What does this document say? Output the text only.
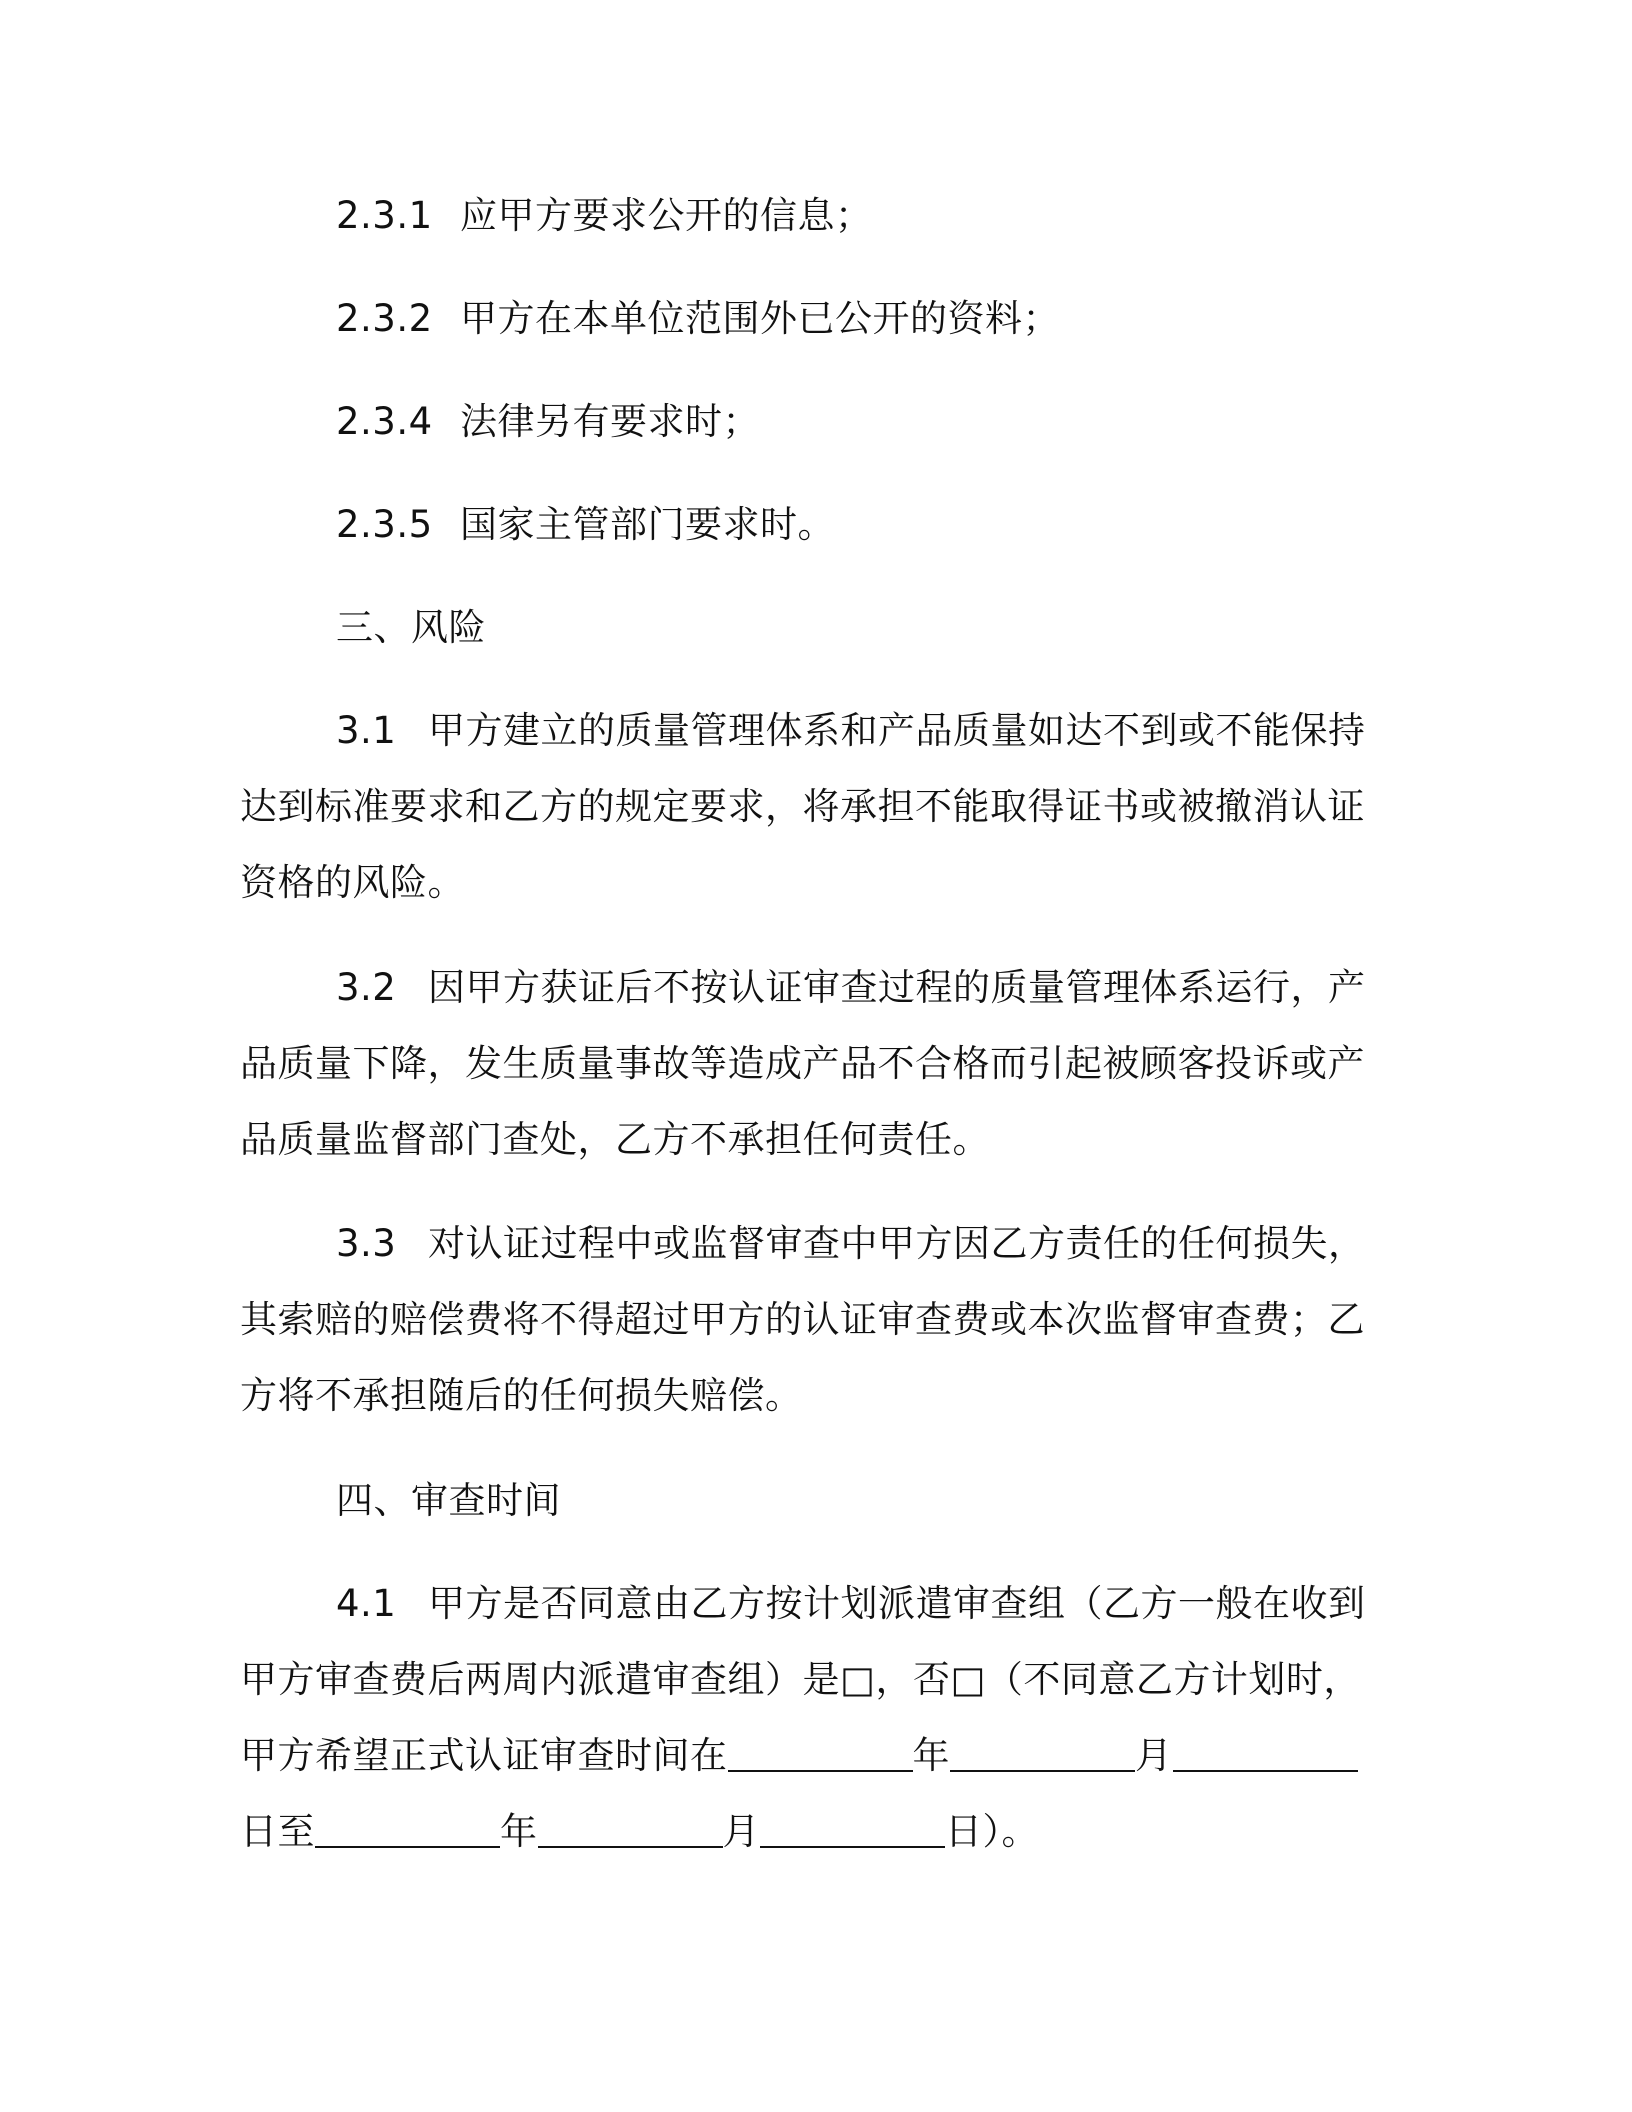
2.3.1 应甲方要求公开的信息；
2.3.2 甲方在本单位范围外已公开的资料；
2.3.4 法律另有要求时；
2.3.5 国家主管部门要求时。
三、风险
3.1 甲方建立的质量管理体系和产品质量如达不到或不能保持
达到标准要求和乙方的规定要求，将承担不能取得证书或被撤消认证
资格的风险。
3.2 因甲方获证后不按认证审查过程的质量管理体系运行，产
品质量下降，发生质量事故等造成产品不合格而引起被顾客投诉或产
品质量监督部门查处，乙方不承担任何责任。
3.3 对认证过程中或监督审查中甲方因乙方责任的任何损失，
其索赔的赔偿费将不得超过甲方的认证审查费或本次监督审查费；乙
方将不承担随后的任何损失赔偿。
四、审查时间
4.1 甲方是否同意由乙方按计划派遣审查组（乙方一般在收到
甲方审查费后两周内派遣审查组）是□，否□（不同意乙方计划时，
甲方希望正式认证审查时间在	年	月
日至	年	月	日）。
